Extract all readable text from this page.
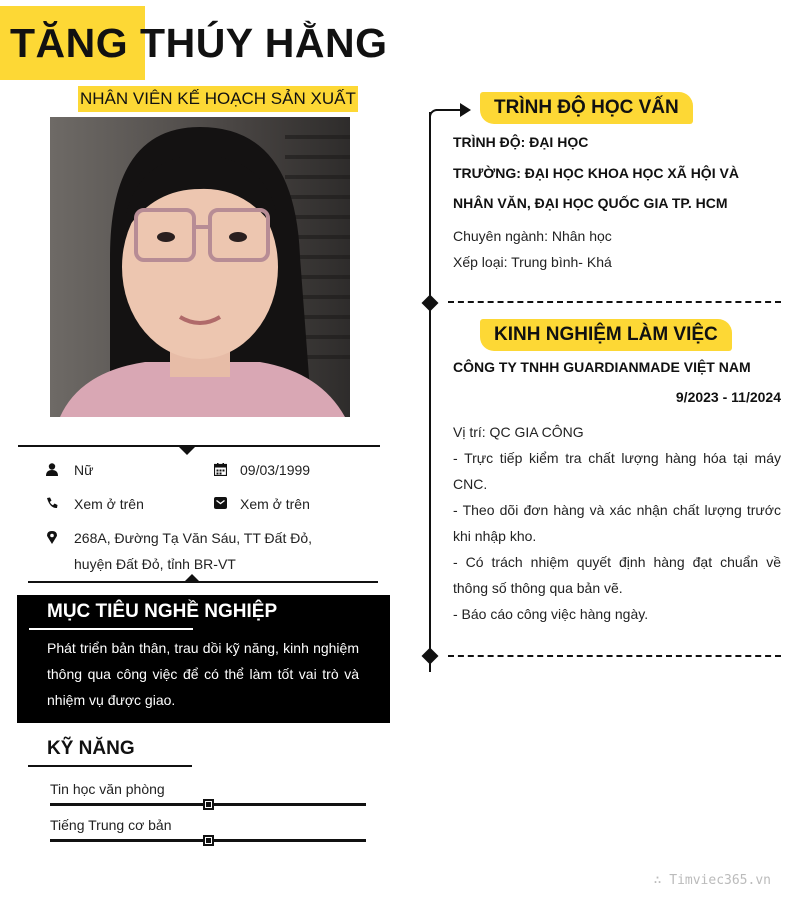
TĂNG THÚY HẰNG
NHÂN VIÊN KẾ HOẠCH SẢN XUẤT
Nữ	09/03/1999
Xem ở trên	Xem ở trên
268A, Đường Tạ Văn Sáu, TT Đất Đỏ,
huyện Đất Đỏ, tỉnh BR-VT
MỤC TIÊU NGHỀ NGHIỆP
Phát triển bản thân, trau dồi kỹ năng, kinh nghiệm thông qua công việc để có thể làm tốt vai trò và nhiệm vụ được giao.
KỸ NĂNG
Tin học văn phòng
Tiếng Trung cơ bản
TRÌNH ĐỘ HỌC VẤN
TRÌNH ĐỘ: ĐẠI HỌC
TRƯỜNG: ĐẠI HỌC KHOA HỌC XÃ HỘI VÀ NHÂN VĂN, ĐẠI HỌC QUỐC GIA TP. HCM
Chuyên ngành: Nhân học
Xếp loại: Trung bình- Khá
KINH NGHIỆM LÀM VIỆC
CÔNG TY TNHH GUARDIANMADE VIỆT NAM
9/2023 - 11/2024
Vị trí: QC GIA CÔNG
- Trực tiếp kiểm tra chất lượng hàng hóa tại máy CNC.
- Theo dõi đơn hàng và xác nhận chất lượng trước khi nhập kho.
- Có trách nhiệm quyết định hàng đạt chuẩn về thông số thông qua bản vẽ.
- Báo cáo công việc hàng ngày.
∴ Timviec365.vn
